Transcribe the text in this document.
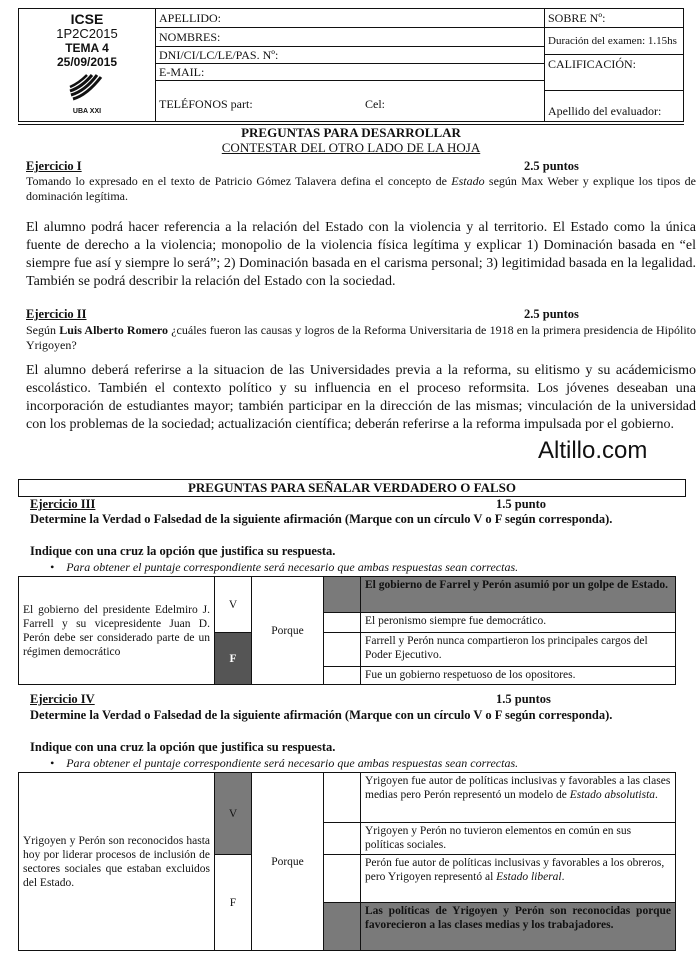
ICSE
1P2C2015
TEMA 4
25/09/2015
UBA XXI
APELLIDO:
NOMBRES:
DNI/CI/LC/LE/PAS. Nº:
E-MAIL:
TELÉFONOS part:	Cel:
SOBRE Nº:
Duración del examen: 1.15hs
CALIFICACIÓN:
Apellido del evaluador:
PREGUNTAS PARA DESARROLLAR
CONTESTAR DEL OTRO LADO DE LA HOJA
Ejercicio I	2.5 puntos
Tomando lo expresado en el texto de Patricio Gómez Talavera defina el concepto de Estado según Max Weber y explique los tipos de dominación legítima.
El alumno podrá hacer referencia a la relación del Estado con la violencia y al territorio. El Estado como la única fuente de derecho a la violencia; monopolio de la violencia física legítima y explicar 1) Dominación basada en “el siempre fue así y siempre lo será”; 2) Dominación basada en el carisma personal; 3) legitimidad basada en la legalidad. También se podrá describir la relación del Estado con la sociedad.
Ejercicio II	2.5 puntos
Según Luis Alberto Romero ¿cuáles fueron las causas y logros de la Reforma Universitaria de 1918 en la primera presidencia de Hipólito Yrigoyen?
El alumno deberá referirse a la situacion de las Universidades previa a la reforma, su elitismo y su acádemicismo escolástico. También el contexto político y su influencia en el proceso reformsita. Los jóvenes deseaban una incorporación de estudiantes mayor; también participar en la dirección de las mismas; vinculación de la universidad con los problemas de la sociedad; actualización científica; deberán referirse a la reforma impulsada por el gobierno.
Altillo.com
PREGUNTAS PARA SEÑALAR VERDADERO O FALSO
Ejercicio III	1.5 punto
Determine la Verdad o Falsedad de la siguiente afirmación (Marque con un círculo V o F según corresponda).
Indique con una cruz la opción que justifica su respuesta.
•    Para obtener el puntaje correspondiente será necesario que ambas respuestas sean correctas.
El gobierno del presidente Edelmiro J. Farrell y su vicepresidente Juan D. Perón debe ser considerado parte de un régimen democrático	V	Porque		El gobierno de Farrel y Perón asumió por un golpe de Estado.
				El peronismo siempre fue democrático.
	F			Farrell y Perón nunca compartieron los principales cargos del Poder Ejecutivo.
				Fue un gobierno respetuoso de los opositores.
Ejercicio IV	1.5 puntos
Determine la Verdad o Falsedad de la siguiente afirmación (Marque con un círculo V o F según corresponda).
Indique con una cruz la opción que justifica su respuesta.
•    Para obtener el puntaje correspondiente será necesario que ambas respuestas sean correctas.
Yrigoyen y Perón son reconocidos hasta hoy por liderar procesos de inclusión de sectores sociales que estaban excluidos del Estado.	V	Porque		Yrigoyen fue autor de políticas inclusivas y favorables a las clases medias pero Perón representó un modelo de Estado absolutista.
				Yrigoyen y Perón no tuvieron elementos en común en sus políticas sociales.
	F			Perón fue autor de políticas inclusivas y favorables a los obreros, pero Yrigoyen representó al Estado liberal.
				Las políticas de Yrigoyen y Perón son reconocidas porque favorecieron a las clases medias y los trabajadores.
